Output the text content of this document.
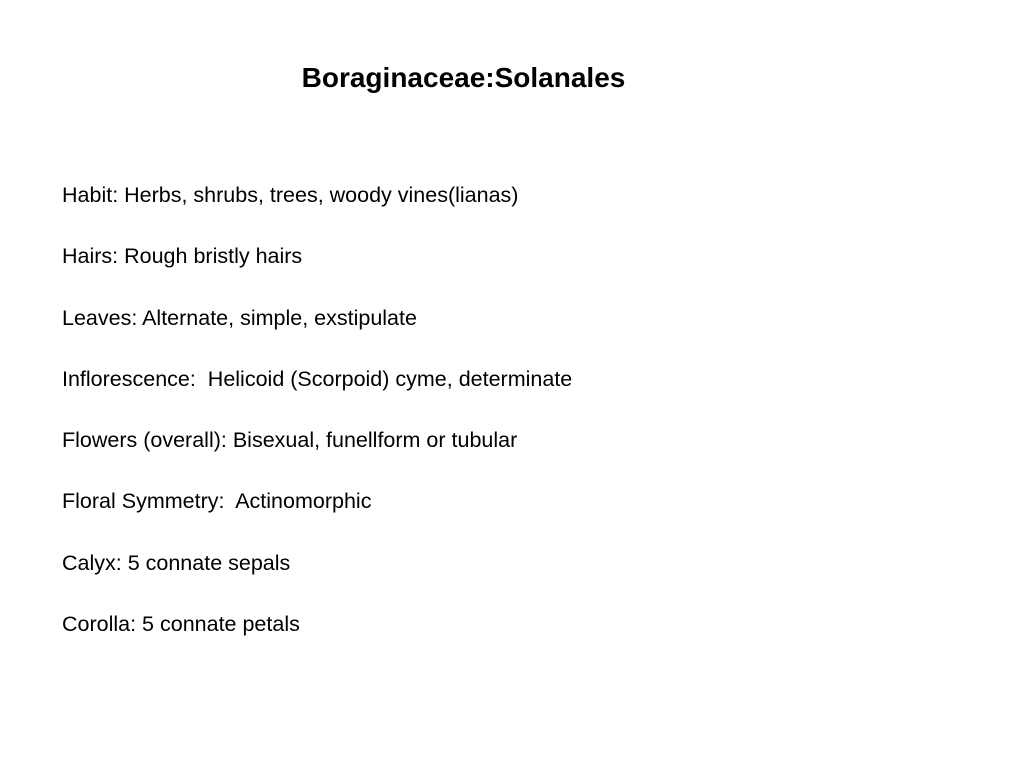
Boraginaceae:Solanales
Habit: Herbs, shrubs, trees, woody vines(lianas)
Hairs: Rough bristly hairs
Leaves: Alternate, simple, exstipulate
Inflorescence:  Helicoid (Scorpoid) cyme, determinate
Flowers (overall): Bisexual, funellform or tubular
Floral Symmetry:  Actinomorphic
Calyx: 5 connate sepals
Corolla: 5 connate petals
